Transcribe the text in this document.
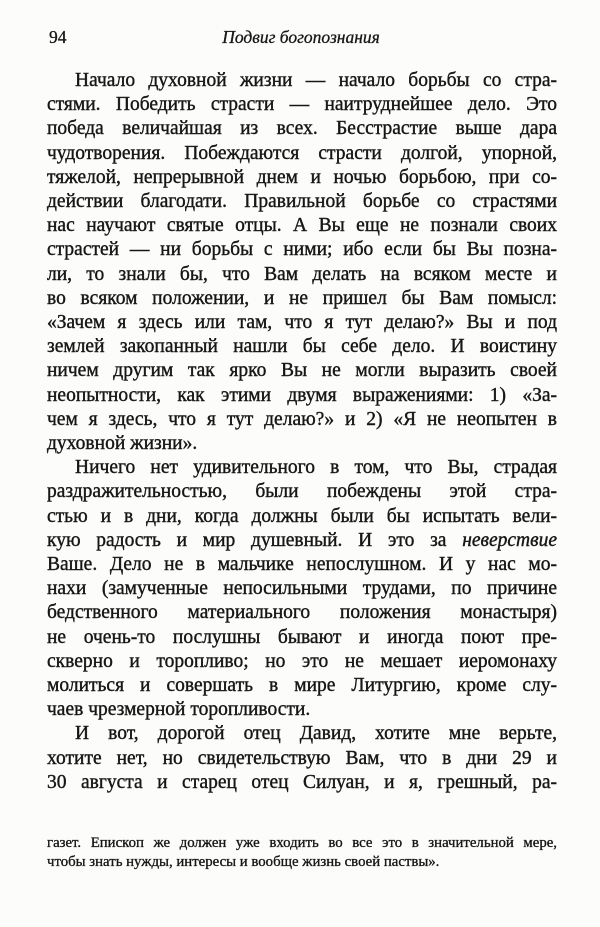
94	Подвиг богопознания
Начало духовной жизни — начало борьбы со стра-
стями. Победить страсти — наитруднейшее дело. Это
победа величайшая из всех. Бесстрастие выше дара
чудотворения. Побеждаются страсти долгой, упорной,
тяжелой, непрерывной днем и ночью борьбою, при со-
действии благодати. Правильной борьбе со страстями
нас научают святые отцы. А Вы еще не познали своих
страстей — ни борьбы с ними; ибо если бы Вы позна-
ли, то знали бы, что Вам делать на всяком месте и
во всяком положении, и не пришел бы Вам помысл:
«Зачем я здесь или там, что я тут делаю?» Вы и под
землей закопанный нашли бы себе дело. И воистину
ничем другим так ярко Вы не могли выразить своей
неопытности, как этими двумя выражениями: 1) «За-
чем я здесь, что я тут делаю?» и 2) «Я не неопытен в
духовной жизни».
Ничего нет удивительного в том, что Вы, страдая
раздражительностью, были побеждены этой стра-
стью и в дни, когда должны были бы испытать вели-
кую радость и мир душевный. И это за неверствие
Ваше. Дело не в мальчике непослушном. И у нас мо-
нахи (замученные непосильными трудами, по причине
бедственного материального положения монастыря)
не очень-то послушны бывают и иногда поют пре-
скверно и торопливо; но это не мешает иеромонаху
молиться и совершать в мире Литургию, кроме слу-
чаев чрезмерной торопливости.
И вот, дорогой отец Давид, хотите мне верьте,
хотите нет, но свидетельствую Вам, что в дни 29 и
30 августа и старец отец Силуан, и я, грешный, ра-
газет. Епископ же должен уже входить во все это в значительной мере,
чтобы знать нужды, интересы и вообще жизнь своей паствы».
